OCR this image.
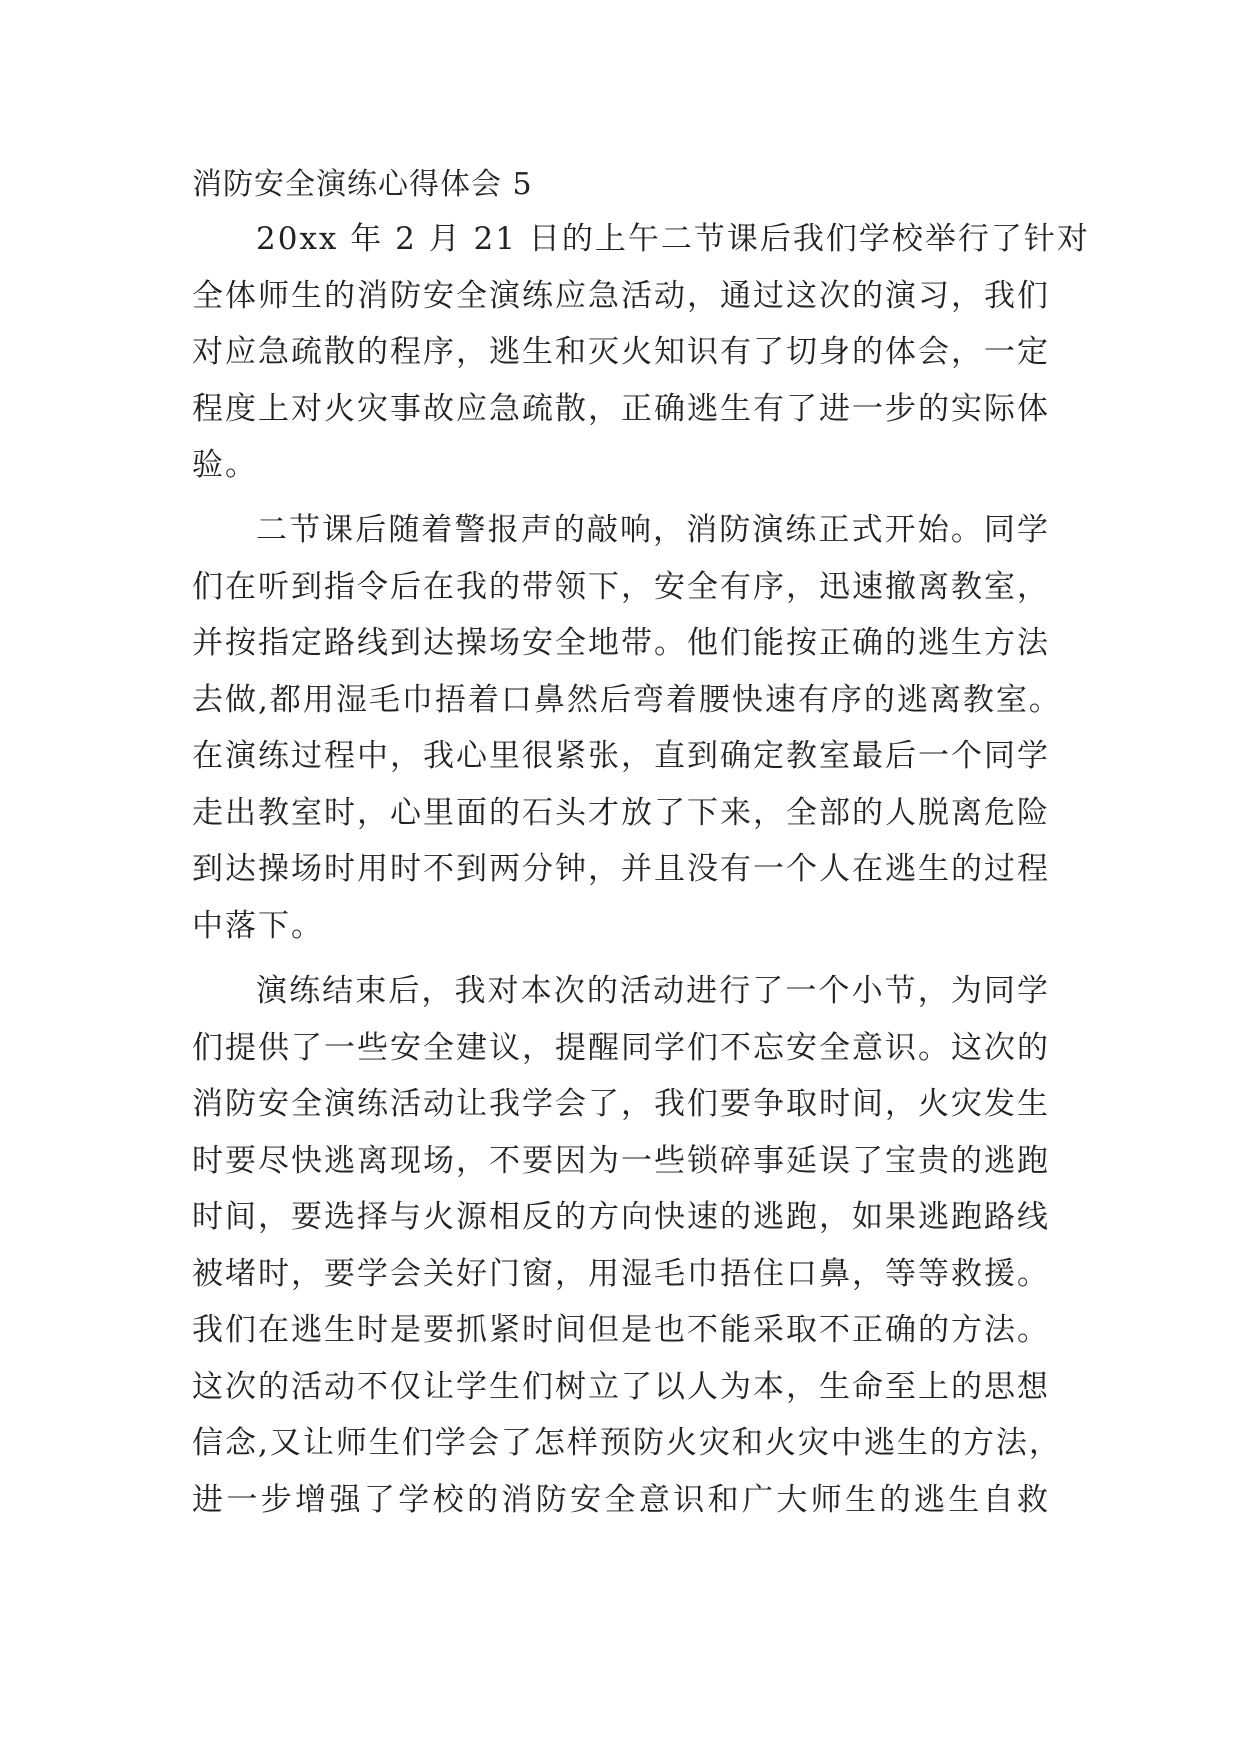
消防安全演练心得体会 5
20xx 年 2 月 21 日的上午二节课后我们学校举行了针对
全体师生的消防安全演练应急活动，通过这次的演习，我们
对应急疏散的程序，逃生和灭火知识有了切身的体会，一定
程度上对火灾事故应急疏散，正确逃生有了进一步的实际体
验。
二节课后随着警报声的敲响，消防演练正式开始。同学
们在听到指令后在我的带领下，安全有序，迅速撤离教室，
并按指定路线到达操场安全地带。他们能按正确的逃生方法
去做,都用湿毛巾捂着口鼻然后弯着腰快速有序的逃离教室。
在演练过程中，我心里很紧张，直到确定教室最后一个同学
走出教室时，心里面的石头才放了下来，全部的人脱离危险
到达操场时用时不到两分钟，并且没有一个人在逃生的过程
中落下。
演练结束后，我对本次的活动进行了一个小节，为同学
们提供了一些安全建议，提醒同学们不忘安全意识。这次的
消防安全演练活动让我学会了，我们要争取时间，火灾发生
时要尽快逃离现场，不要因为一些锁碎事延误了宝贵的逃跑
时间，要选择与火源相反的方向快速的逃跑，如果逃跑路线
被堵时，要学会关好门窗，用湿毛巾捂住口鼻，等等救援。
我们在逃生时是要抓紧时间但是也不能采取不正确的方法。
这次的活动不仅让学生们树立了以人为本，生命至上的思想
信念,又让师生们学会了怎样预防火灾和火灾中逃生的方法，
进一步增强了学校的消防安全意识和广大师生的逃生自救
